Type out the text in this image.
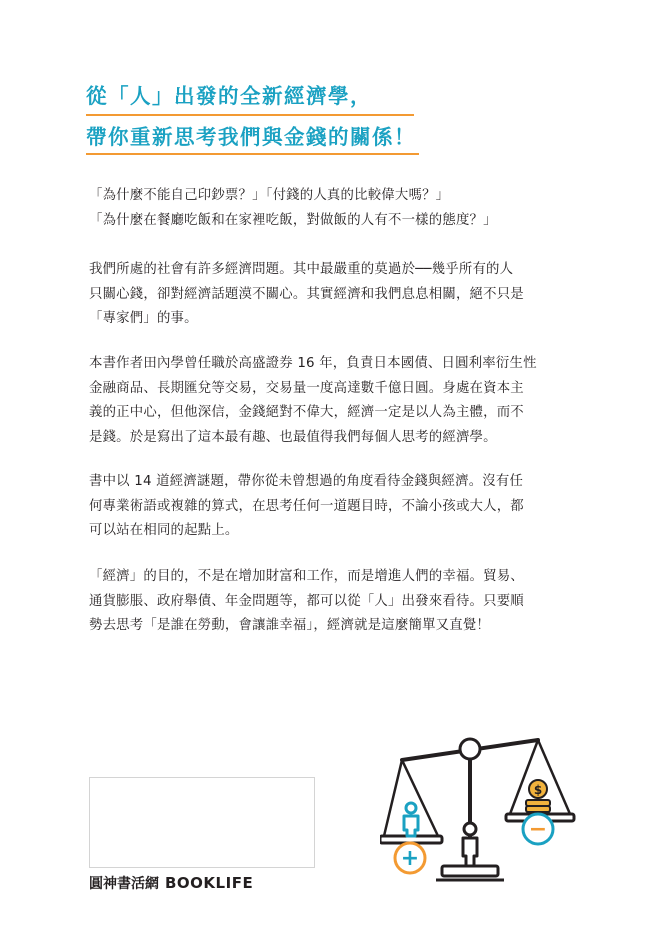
從「人」出發的全新經濟學，
帶你重新思考我們與金錢的關係！
「為什麼不能自己印鈔票？」「付錢的人真的比較偉大嗎？」
「為什麼在餐廳吃飯和在家裡吃飯，對做飯的人有不一樣的態度？」
我們所處的社會有許多經濟問題。其中最嚴重的莫過於──幾乎所有的人
只關心錢，卻對經濟話題漠不關心。其實經濟和我們息息相關，絕不只是
「專家們」的事。
本書作者田內學曾任職於高盛證券 16 年，負責日本國債、日圓利率衍生性
金融商品、長期匯兌等交易，交易量一度高達數千億日圓。身處在資本主
義的正中心，但他深信，金錢絕對不偉大，經濟一定是以人為主體，而不
是錢。於是寫出了這本最有趣、也最值得我們每個人思考的經濟學。
書中以 14 道經濟謎題，帶你從未曾想過的角度看待金錢與經濟。沒有任
何專業術語或複雜的算式，在思考任何一道題目時，不論小孩或大人，都
可以站在相同的起點上。
「經濟」的目的，不是在增加財富和工作，而是增進人們的幸福。貿易、
通貨膨脹、政府舉債、年金問題等，都可以從「人」出發來看待。只要順
勢去思考「是誰在勞動，會讓誰幸福」，經濟就是這麼簡單又直覺！
圓神書活網 BOOKLIFE
+
$
−
